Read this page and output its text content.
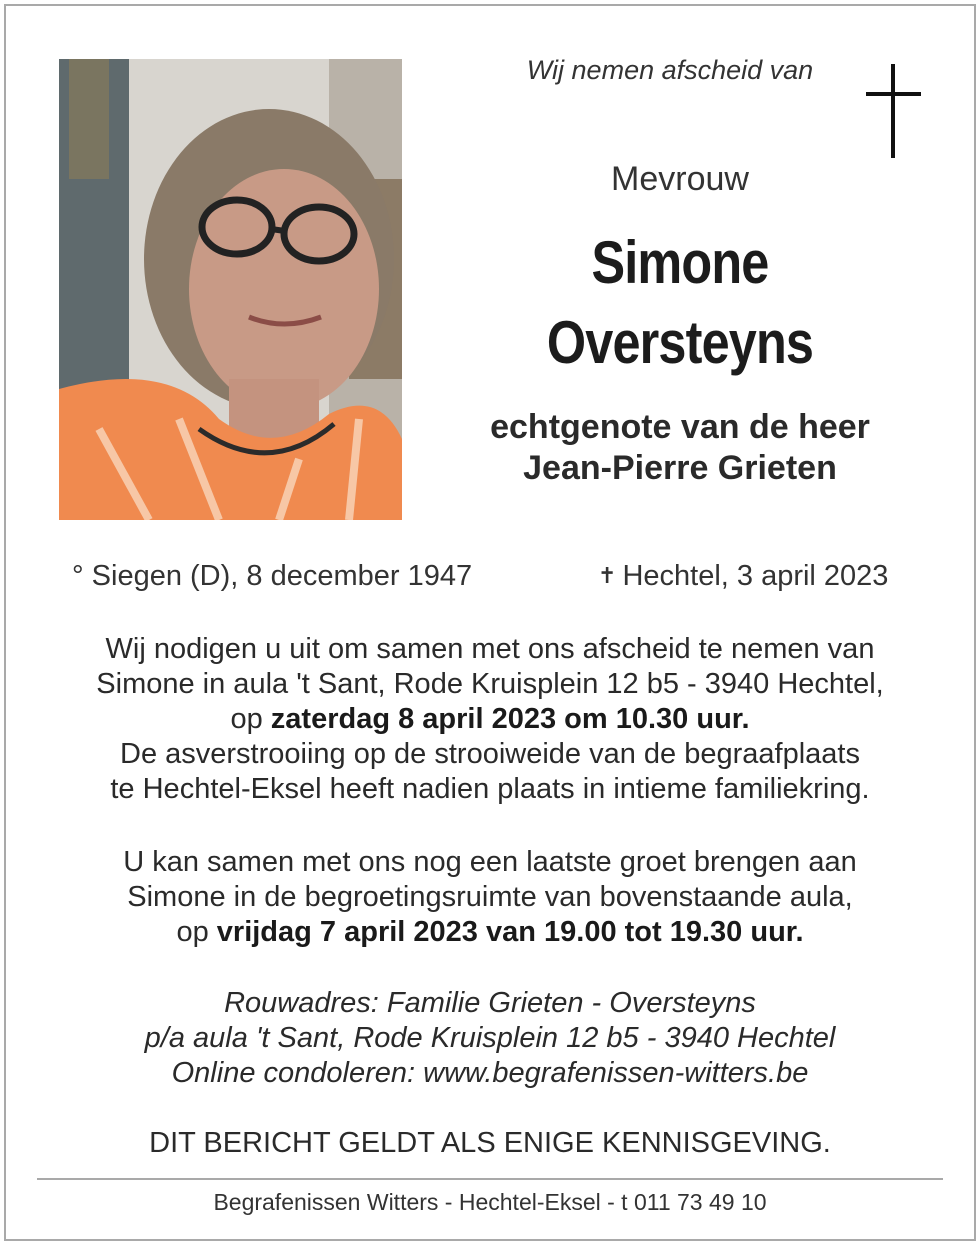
Wij nemen afscheid van
Mevrouw
Simone
Oversteyns
echtgenote van de heer
Jean-Pierre Grieten
° Siegen (D), 8 december 1947	✝ Hechtel, 3 april 2023
Wij nodigen u uit om samen met ons afscheid te nemen van
Simone in aula 't Sant, Rode Kruisplein 12 b5 - 3940 Hechtel,
op zaterdag 8 april 2023 om 10.30 uur.
De asverstrooiing op de strooiweide van de begraafplaats
te Hechtel-Eksel heeft nadien plaats in intieme familiekring.
U kan samen met ons nog een laatste groet brengen aan
Simone in de begroetingsruimte van bovenstaande aula,
op vrijdag 7 april 2023 van 19.00 tot 19.30 uur.
Rouwadres: Familie Grieten - Oversteyns
p/a aula 't Sant, Rode Kruisplein 12 b5 - 3940 Hechtel
Online condoleren: www.begrafenissen-witters.be
DIT BERICHT GELDT ALS ENIGE KENNISGEVING.
Begrafenissen Witters - Hechtel-Eksel - t 011 73 49 10
